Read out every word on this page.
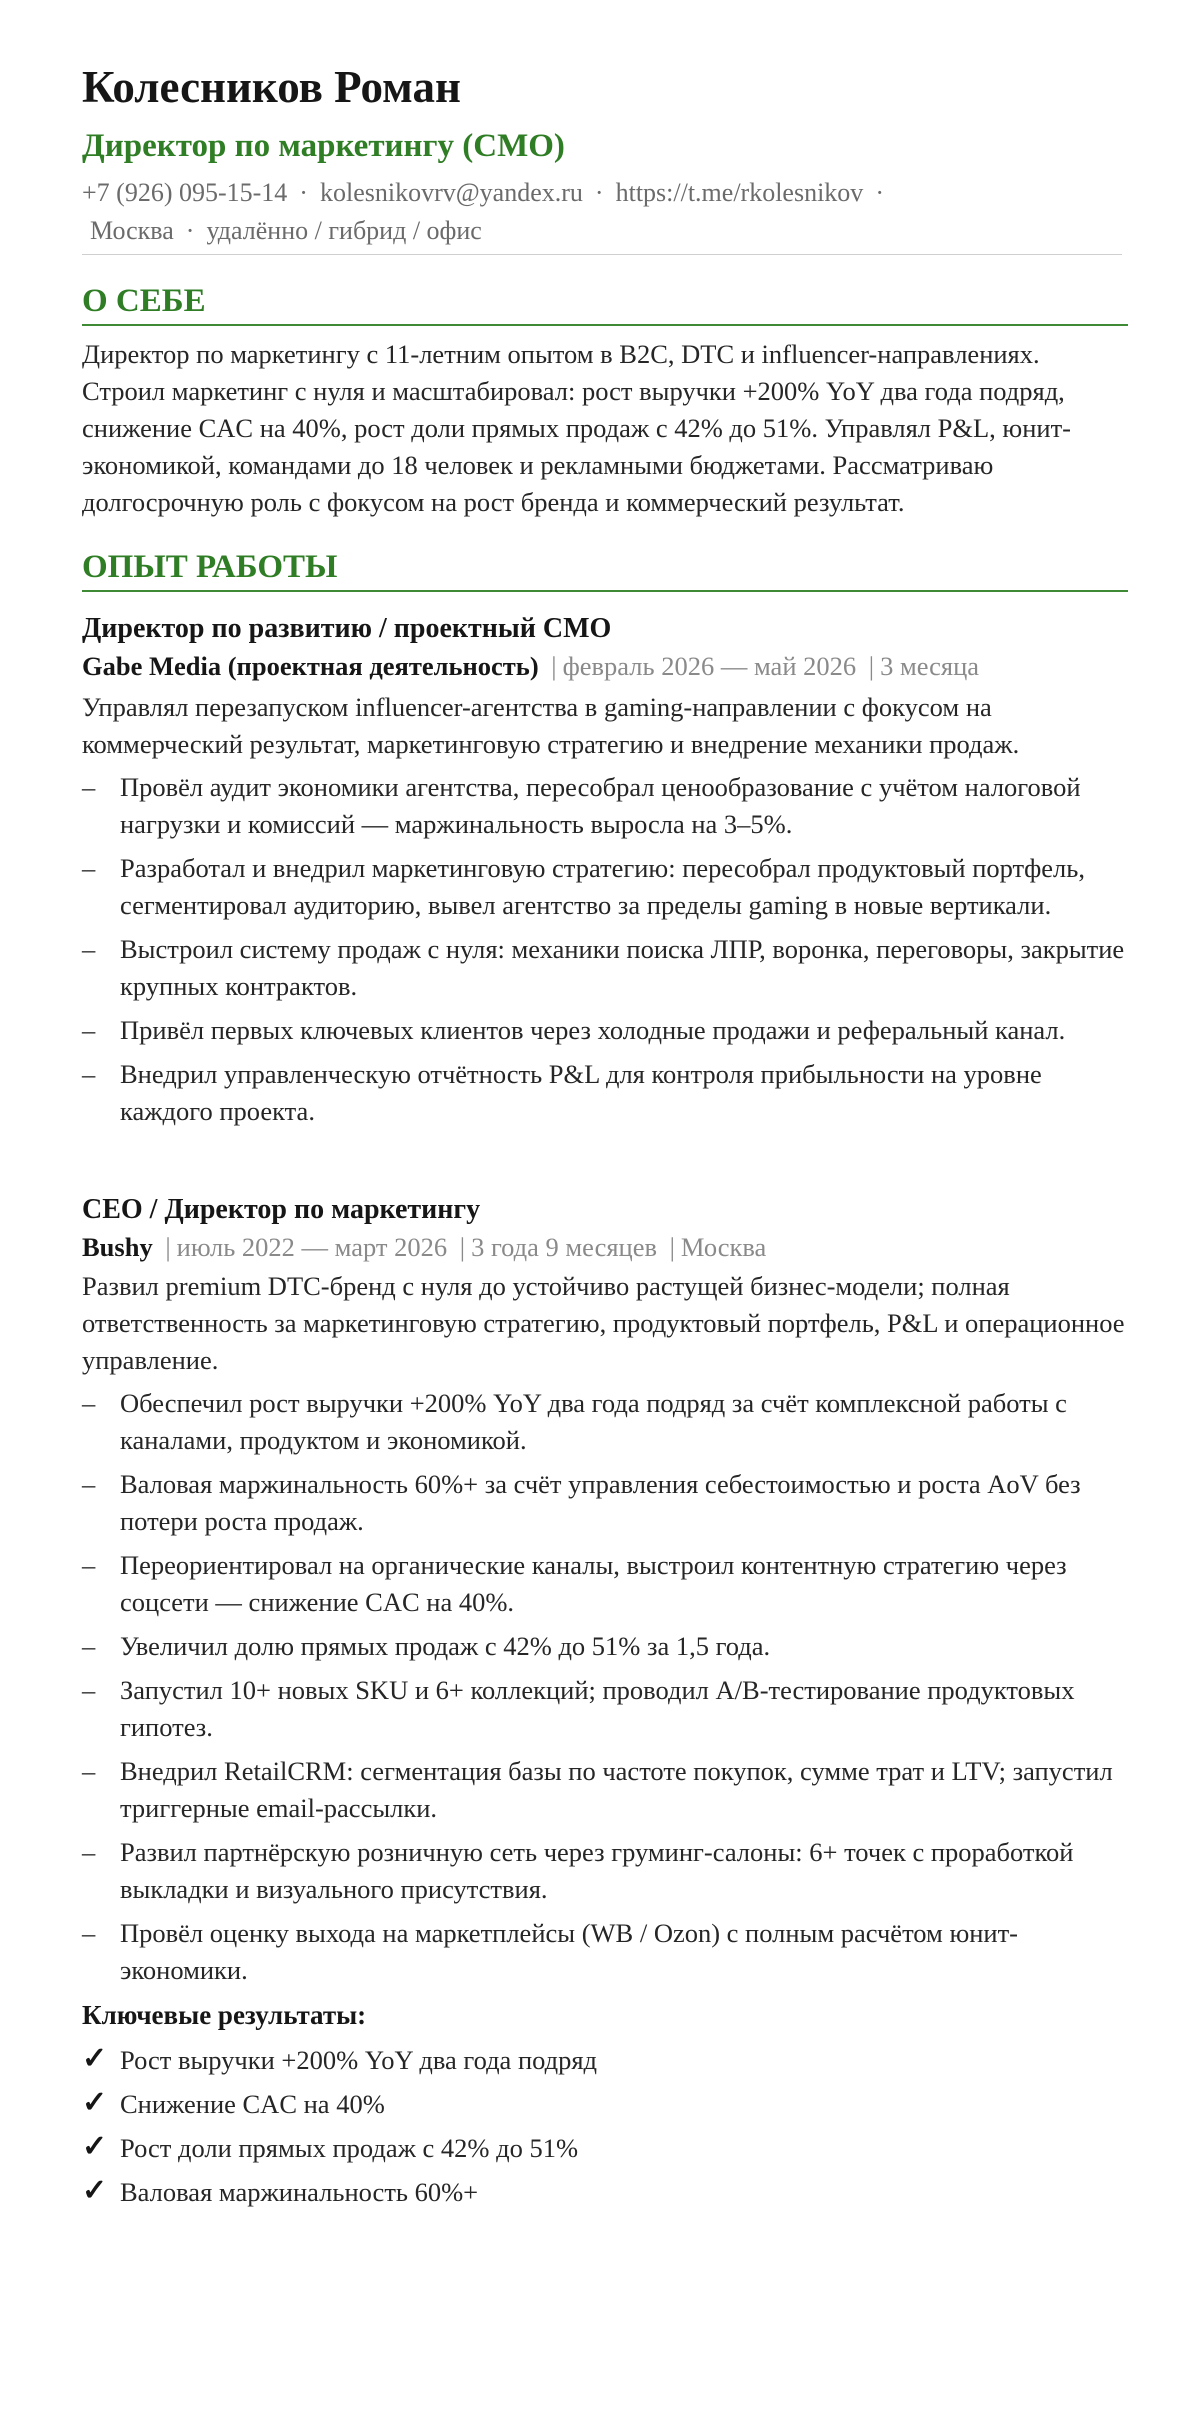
Колесников Роман
Директор по маркетингу (CMO)
+7 (926) 095-15-14 · kolesnikovrv@yandex.ru · https://t.me/rkolesnikov ·
Москва · удалённо / гибрид / офис
О СЕБЕ
Директор по маркетингу с 11-летним опытом в B2C, DTC и influencer-направлениях. Строил маркетинг с нуля и масштабировал: рост выручки +200% YoY два года подряд, снижение CAC на 40%, рост доли прямых продаж с 42% до 51%. Управлял P&L, юнит-экономикой, командами до 18 человек и рекламными бюджетами. Рассматриваю долгосрочную роль с фокусом на рост бренда и коммерческий результат.
ОПЫТ РАБОТЫ
Директор по развитию / проектный CMO
Gabe Media (проектная деятельность) | февраль 2026 — май 2026 | 3 месяца
Управлял перезапуском influencer-агентства в gaming-направлении с фокусом на коммерческий результат, маркетинговую стратегию и внедрение механики продаж.
– Провёл аудит экономики агентства, пересобрал ценообразование с учётом налоговой нагрузки и комиссий — маржинальность выросла на 3–5%.
– Разработал и внедрил маркетинговую стратегию: пересобрал продуктовый портфель, сегментировал аудиторию, вывел агентство за пределы gaming в новые вертикали.
– Выстроил систему продаж с нуля: механики поиска ЛПР, воронка, переговоры, закрытие крупных контрактов.
– Привёл первых ключевых клиентов через холодные продажи и реферальный канал.
– Внедрил управленческую отчётность P&L для контроля прибыльности на уровне каждого проекта.
CEO / Директор по маркетингу
Bushy | июль 2022 — март 2026 | 3 года 9 месяцев | Москва
Развил premium DTC-бренд с нуля до устойчиво растущей бизнес-модели; полная ответственность за маркетинговую стратегию, продуктовый портфель, P&L и операционное управление.
– Обеспечил рост выручки +200% YoY два года подряд за счёт комплексной работы с каналами, продуктом и экономикой.
– Валовая маржинальность 60%+ за счёт управления себестоимостью и роста AoV без потери роста продаж.
– Переориентировал на органические каналы, выстроил контентную стратегию через соцсети — снижение CAC на 40%.
– Увеличил долю прямых продаж с 42% до 51% за 1,5 года.
– Запустил 10+ новых SKU и 6+ коллекций; проводил A/B-тестирование продуктовых гипотез.
– Внедрил RetailCRM: сегментация базы по частоте покупок, сумме трат и LTV; запустил триггерные email-рассылки.
– Развил партнёрскую розничную сеть через груминг-салоны: 6+ точек с проработкой выкладки и визуального присутствия.
– Провёл оценку выхода на маркетплейсы (WB / Ozon) с полным расчётом юнит-экономики.
Ключевые результаты:
✓ Рост выручки +200% YoY два года подряд
✓ Снижение CAC на 40%
✓ Рост доли прямых продаж с 42% до 51%
✓ Валовая маржинальность 60%+
